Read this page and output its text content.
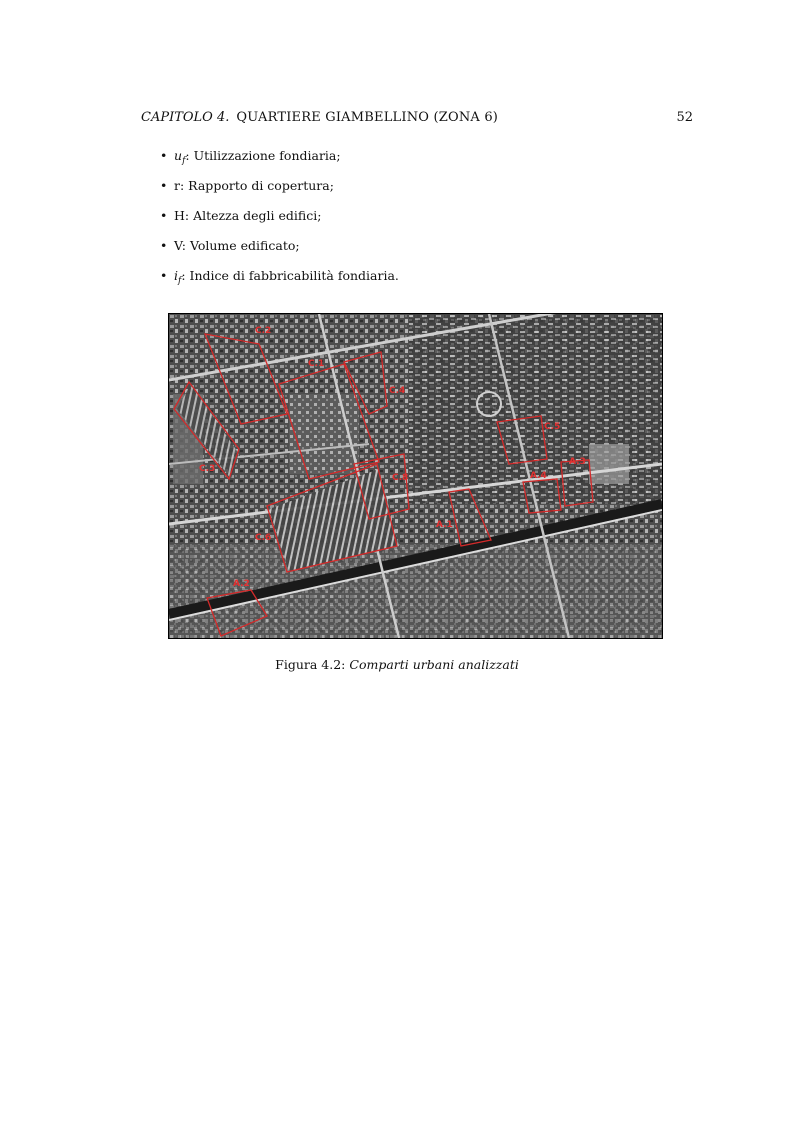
CAPITOLO 4. QUARTIERE GIAMBELLINO (ZONA 6)	52
• $u_f$: Utilizzazione fondiaria;
• r: Rapporto di copertura;
• H: Altezza degli edifici;
• V: Volume edificato;
• $i_f$: Indice di fabbricabilità fondiaria.
C.2
C.1
C.4
C.3
C.5
C.6
C.8
A.1
A.4
A.3
A.2
Figura 4.2: Comparti urbani analizzati
